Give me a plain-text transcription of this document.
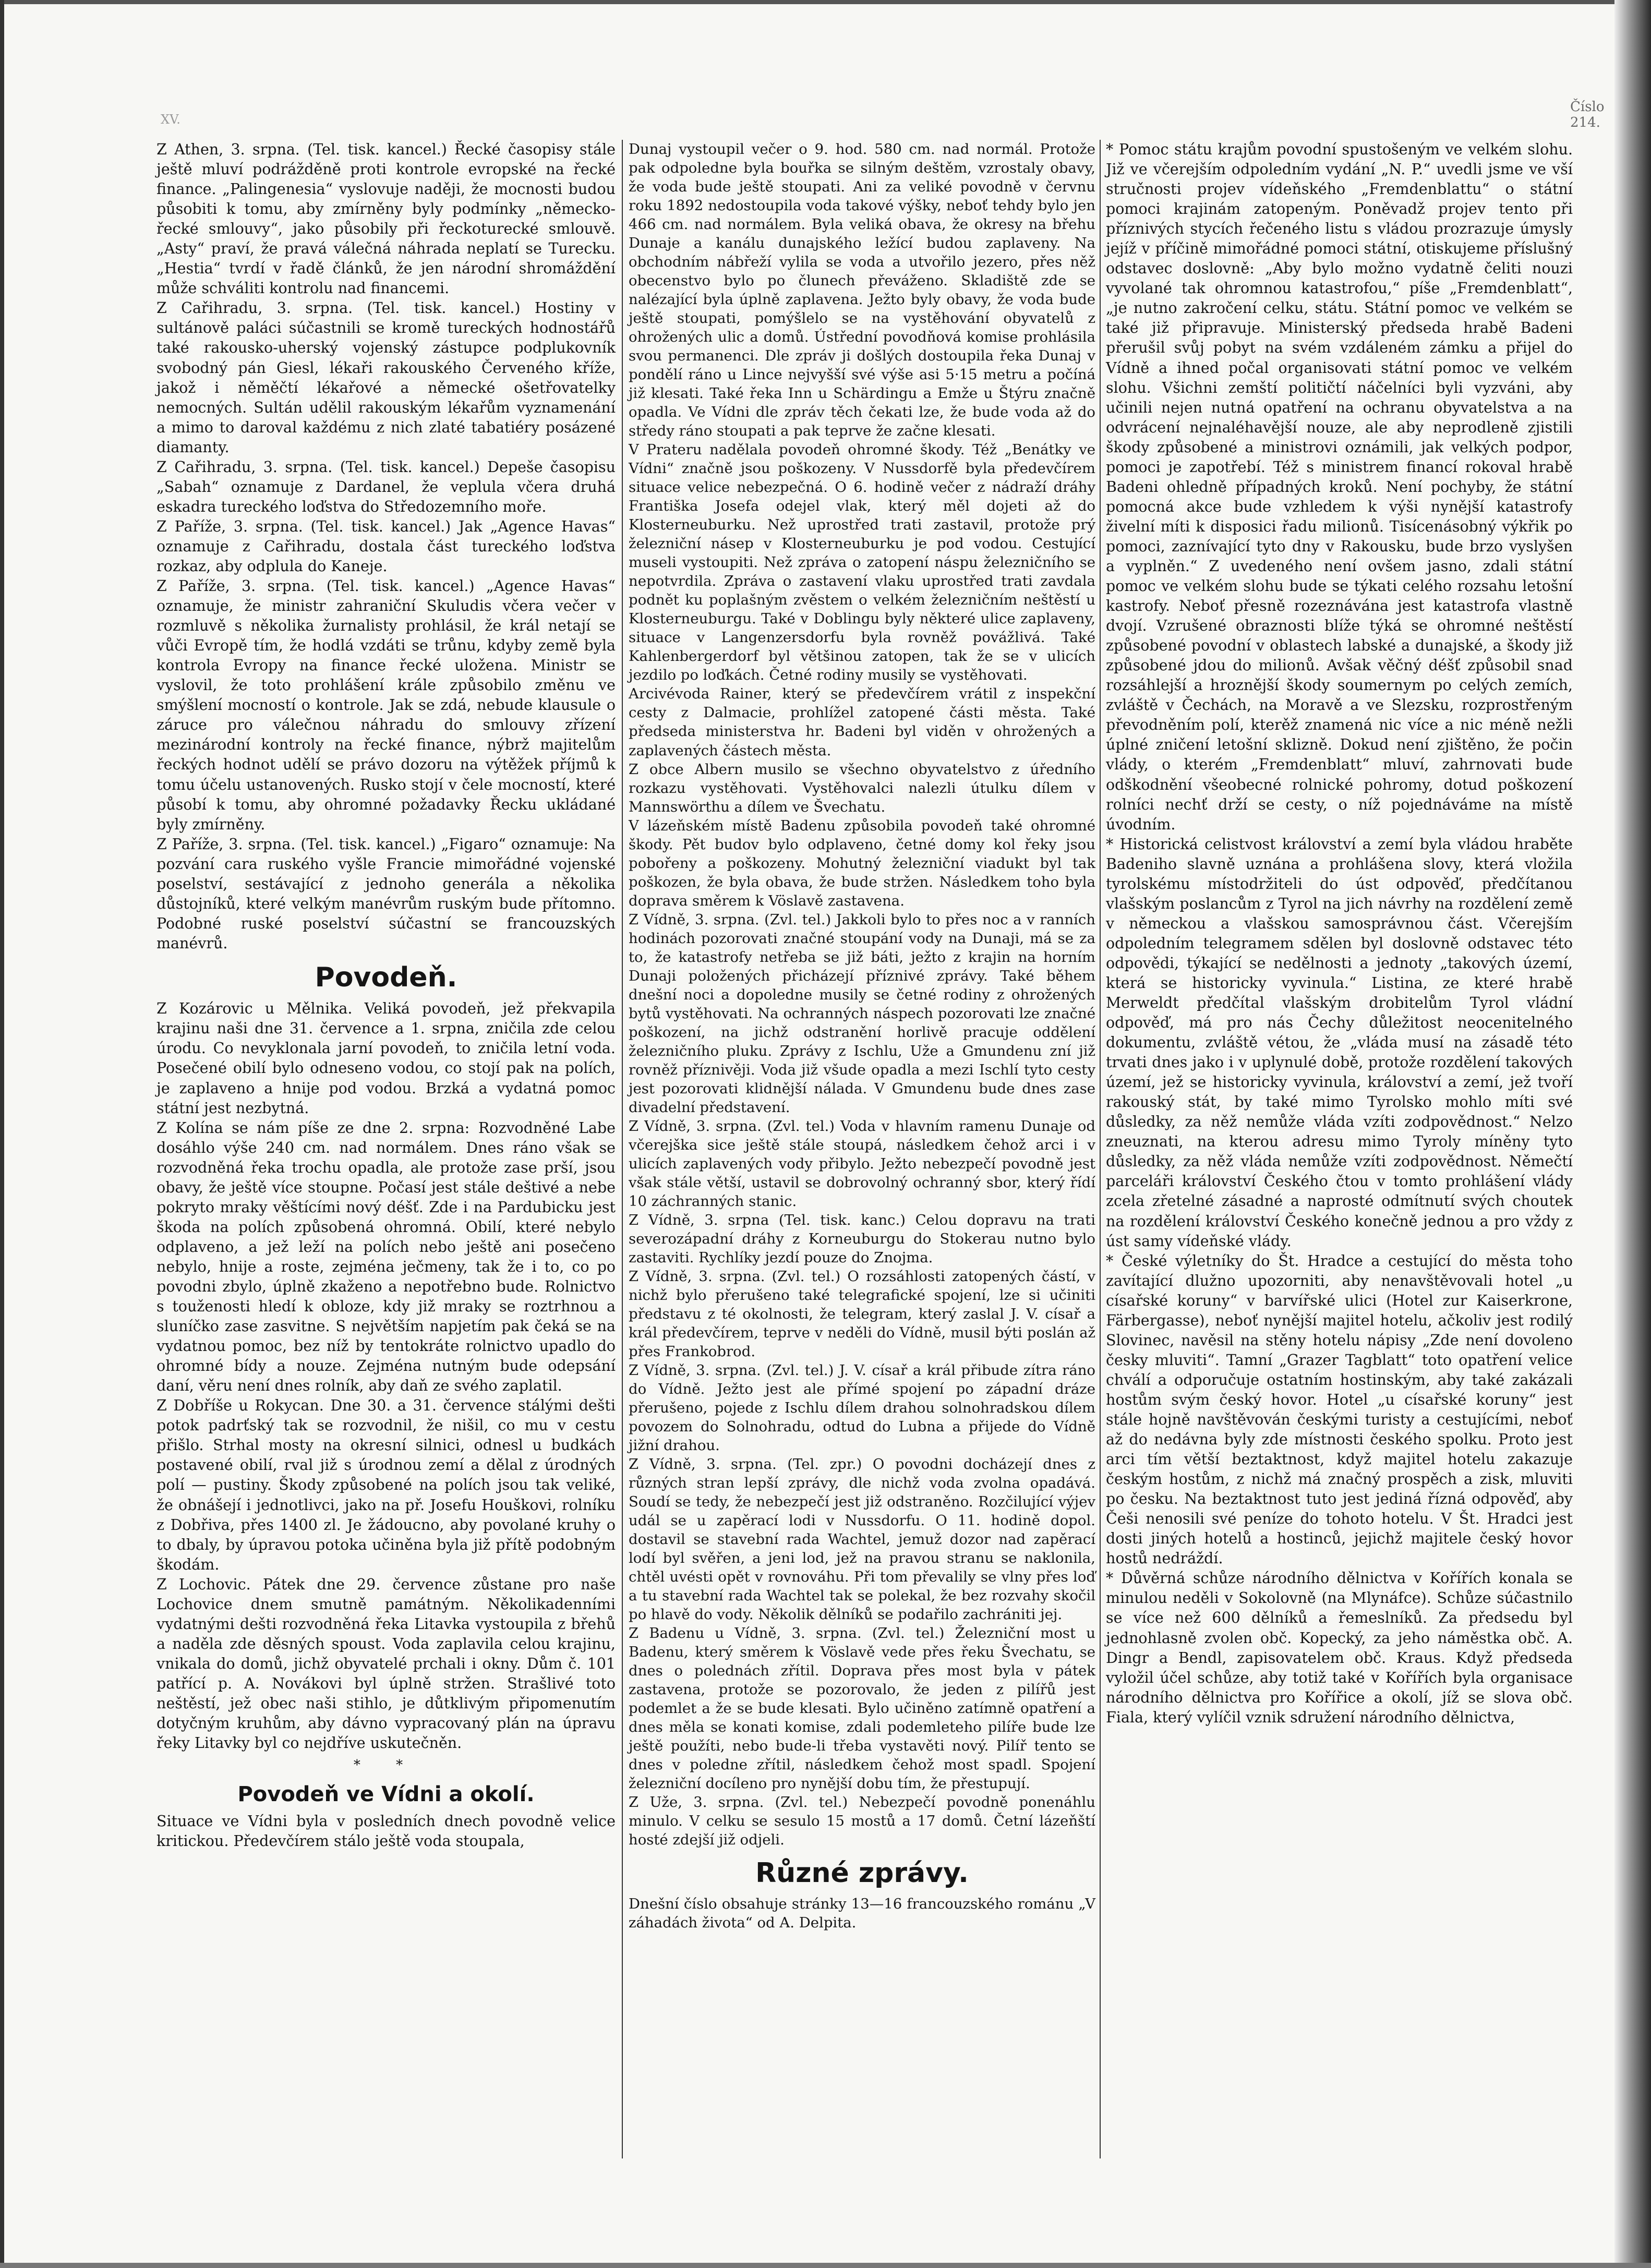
XV.
Číslo 214.

Z Athen, 3. srpna. (Tel. tisk. kancel.) Řecké časopisy stále ještě mluví podrážděně proti kontrole evropské na řecké finance. „Palingenesia“ vyslovuje naději, že mocnosti budou působiti k tomu, aby zmírněny byly podmínky „německo-řecké smlouvy“, jako působily při řeckoturecké smlouvě. „Asty“ praví, že pravá válečná náhrada neplatí se Turecku. „Hestia“ tvrdí v řadě článků, že jen národní shromáždění může schváliti kontrolu nad financemi.

Z Cařihradu, 3. srpna. (Tel. tisk. kancel.) Hostiny v sultánově paláci súčastnili se kromě tureckých hodnostářů také rakousko-uherský vojenský zástupce podplukovník svobodný pán Giesl, lékaři rakouského Červeného kříže, jakož i něměčtí lékařové a německé ošetřovatelky nemocných. Sultán udělil rakouským lékařům vyznamenání a mimo to daroval každému z nich zlaté tabatiéry posázené diamanty.

Z Cařihradu, 3. srpna. (Tel. tisk. kancel.) Depeše časopisu „Sabah“ oznamuje z Dardanel, že veplula včera druhá eskadra tureckého loďstva do Středozemního moře.

Z Paříže, 3. srpna. (Tel. tisk. kancel.) Jak „Agence Havas“ oznamuje z Cařihradu, dostala část tureckého loďstva rozkaz, aby odplula do Kaneje.

Z Paříže, 3. srpna. (Tel. tisk. kancel.) „Agence Havas“ oznamuje, že ministr zahraniční Skuludis včera večer v rozmluvě s několika žurnalisty prohlásil, že král netají se vůči Evropě tím, že hodlá vzdáti se trůnu, kdyby země byla kontrola Evropy na finance řecké uložena. Ministr se vyslovil, že toto prohlášení krále způsobilo změnu ve smýšlení mocností o kontrole. Jak se zdá, nebude klausule o záruce pro válečnou náhradu do smlouvy zřízení mezinárodní kontroly na řecké finance, nýbrž majitelům řeckých hodnot udělí se právo dozoru na výtěžek příjmů k tomu účelu ustanovených. Rusko stojí v čele mocností, které působí k tomu, aby ohromné požadavky Řecku ukládané byly zmírněny.

Z Paříže, 3. srpna. (Tel. tisk. kancel.) „Figaro“ oznamuje: Na pozvání cara ruského vyšle Francie mimořádné vojenské poselství, sestávající z jednoho generála a několika důstojníků, které velkým manévrům ruským bude přítomno. Podobné ruské poselství súčastní se francouzských manévrů.

Povodeň.

Z Kozárovic u Mělnika. Veliká povodeň, jež překvapila krajinu naši dne 31. července a 1. srpna, zničila zde celou úrodu. Co nevyklonala jarní povodeň, to zničila letní voda. Posečené obilí bylo odneseno vodou, co stojí pak na polích, je zaplaveno a hnije pod vodou. Brzká a vydatná pomoc státní jest nezbytná.

Z Kolína se nám píše ze dne 2. srpna: Rozvodněné Labe dosáhlo výše 240 cm. nad normálem. Dnes ráno však se rozvodněná řeka trochu opadla, ale protože zase prší, jsou obavy, že ještě více stoupne. Počasí jest stále deštivé a nebe pokryto mraky věštícími nový déšť. Zde i na Pardubicku jest škoda na polích způsobená ohromná. Obilí, které nebylo odplaveno, a jež leží na polích nebo ještě ani posečeno nebylo, hnije a roste, zejména ječmeny, tak že i to, co po povodni zbylo, úplně zkaženo a nepotřebno bude. Rolnictvo s touženosti hledí k obloze, kdy již mraky se roztrhnou a sluníčko zase zasvitne. S největším napjetím pak čeká se na vydatnou pomoc, bez níž by tentokráte rolnictvo upadlo do ohromné bídy a nouze. Zejména nutným bude odepsání daní, věru není dnes rolník, aby daň ze svého zaplatil.

Z Dobříše u Rokycan. Dne 30. a 31. července stálými dešti potok padrťský tak se rozvodnil, že nišil, co mu v cestu přišlo. Strhal mosty na okresní silnici, odnesl u budkách postavené obilí, rval již s úrodnou zemí a dělal z úrodných polí — pustiny. Škody způsobené na polích jsou tak veliké, že obnášejí i jednotlivci, jako na př. Josefu Houškovi, rolníku z Dobřiva, přes 1400 zl. Je žádoucno, aby povolané kruhy o to dbaly, by úpravou potoka učiněna byla již přítě podobným škodám.

Z Lochovic. Pátek dne 29. července zůstane pro naše Lochovice dnem smutně památným. Několikadenními vydatnými dešti rozvodněná řeka Litavka vystoupila z břehů a naděla zde děsných spoust. Voda zaplavila celou krajinu, vnikala do domů, jichž obyvatelé prchali i okny. Dům č. 101 patřící p. A. Novákovi byl úplně stržen. Strašlivé toto neštěstí, jež obec naši stihlo, je důtklivým připomenutím dotyčným kruhům, aby dávno vypracovaný plán na úpravu řeky Litavky byl co nejdříve uskutečněn.

* *
Povodeň ve Vídni a okolí.

Situace ve Vídni byla v posledních dnech povodně velice kritickou. Předevčírem stálo ještě voda stoupala,

Dunaj vystoupil večer o 9. hod. 580 cm. nad normál. Protože pak odpoledne byla bouřka se silným deštěm, vzrostaly obavy, že voda bude ještě stoupati. Ani za veliké povodně v červnu roku 1892 nedostoupila voda takové výšky, neboť tehdy bylo jen 466 cm. nad normálem. Byla veliká obava, že okresy na břehu Dunaje a kanálu dunajského ležící budou zaplaveny. Na obchodním nábřeží vylila se voda a utvořilo jezero, přes něž obecenstvo bylo po člunech převáženo. Skladiště zde se nalézající byla úplně zaplavena. Ježto byly obavy, že voda bude ještě stoupati, pomýšlelo se na vystěhování obyvatelů z ohrožených ulic a domů. Ústřední povodňová komise prohlásila svou permanenci. Dle zpráv ji došlých dostoupila řeka Dunaj v pondělí ráno u Lince nejvyšší své výše asi 5·15 metru a počíná již klesati. Také řeka Inn u Schärdingu a Emže u Štýru značně opadla. Ve Vídni dle zpráv těch čekati lze, že bude voda až do středy ráno stoupati a pak teprve že začne klesati.

V Prateru nadělala povodeň ohromné škody. Též „Benátky ve Vídni“ značně jsou poškozeny. V Nussdorfě byla předevčírem situace velice nebezpečná. O 6. hodině večer z nádraží dráhy Františka Josefa odejel vlak, který měl dojeti až do Klosterneuburku. Než uprostřed trati zastavil, protože prý železniční násep v Klosterneuburku je pod vodou. Cestující museli vystoupiti. Než zpráva o zatopení náspu železničního se nepotvrdila. Zpráva o zastavení vlaku uprostřed trati zavdala podnět ku poplašným zvěstem o velkém železničním neštěstí u Klosterneuburgu. Také v Doblingu byly některé ulice zaplaveny, situace v Langenzersdorfu byla rovněž povážlivá. Také Kahlenbergerdorf byl většinou zatopen, tak že se v ulicích jezdilo po loďkách. Četné rodiny musily se vystěhovati.

Arcivévoda Rainer, který se předevčírem vrátil z inspekční cesty z Dalmacie, prohlížel zatopené části města. Také předseda ministerstva hr. Badeni byl viděn v ohrožených a zaplavených částech města.

Z obce Albern musilo se všechno obyvatelstvo z úředního rozkazu vystěhovati. Vystěhovalci nalezli útulku dílem v Mannswörthu a dílem ve Švechatu.

V lázeňském místě Badenu způsobila povodeň také ohromné škody. Pět budov bylo odplaveno, četné domy kol řeky jsou pobořeny a poškozeny. Mohutný železniční viadukt byl tak poškozen, že byla obava, že bude stržen. Následkem toho byla doprava směrem k Vöslavě zastavena.

Z Vídně, 3. srpna. (Zvl. tel.) Jakkoli bylo to přes noc a v ranních hodinách pozorovati značné stoupání vody na Dunaji, má se za to, že katastrofy netřeba se již báti, ježto z krajin na horním Dunaji položených přicházejí příznivé zprávy. Také během dnešní noci a dopoledne musily se četné rodiny z ohrožených bytů vystěhovati. Na ochranných náspech pozorovati lze značné poškození, na jichž odstranění horlivě pracuje oddělení železničního pluku. Zprávy z Ischlu, Uže a Gmundenu zní již rovněž příznivěji. Voda již všude opadla a mezi Ischlí tyto cesty jest pozorovati klidnější nálada. V Gmundenu bude dnes zase divadelní představení.

Z Vídně, 3. srpna. (Zvl. tel.) Voda v hlavním ramenu Dunaje od včerejška sice ještě stále stoupá, následkem čehož arci i v ulicích zaplavených vody přibylo. Ježto nebezpečí povodně jest však stále větší, ustavil se dobrovolný ochranný sbor, který řídí 10 záchranných stanic.

Z Vídně, 3. srpna (Tel. tisk. kanc.) Celou dopravu na trati severozápadní dráhy z Korneuburgu do Stokerau nutno bylo zastaviti. Rychlíky jezdí pouze do Znojma.

Z Vídně, 3. srpna. (Zvl. tel.) O rozsáhlosti zatopených částí, v nichž bylo přerušeno také telegrafické spojení, lze si učiniti představu z té okolnosti, že telegram, který zaslal J. V. císař a král předevčírem, teprve v neděli do Vídně, musil býti poslán až přes Frankobrod.

Z Vídně, 3. srpna. (Zvl. tel.) J. V. císař a král přibude zítra ráno do Vídně. Ježto jest ale přímé spojení po západní dráze přerušeno, pojede z Ischlu dílem drahou solnohradskou dílem povozem do Solnohradu, odtud do Lubna a přijede do Vídně jižní drahou.

Z Vídně, 3. srpna. (Tel. zpr.) O povodni docházejí dnes z různých stran lepší zprávy, dle nichž voda zvolna opadává. Soudí se tedy, že nebezpečí jest již odstraněno. Rozčilující výjev udál se u zapěrací lodi v Nussdorfu. O 11. hodině dopol. dostavil se stavební rada Wachtel, jemuž dozor nad zapěrací lodí byl svěřen, a jeni lod, jež na pravou stranu se naklonila, chtěl uvésti opět v rovnováhu. Při tom převalily se vlny přes loď a tu stavební rada Wachtel tak se polekal, že bez rozvahy skočil po hlavě do vody. Několik dělníků se podařilo zachrániti jej.

Z Badenu u Vídně, 3. srpna. (Zvl. tel.) Železniční most u Badenu, který směrem k Vöslavě vede přes řeku Švechatu, se dnes o polednách zřítil. Doprava přes most byla v pátek zastavena, protože se pozorovalo, že jeden z pilířů jest podemlet a že se bude klesati. Bylo učiněno zatímně opatření a dnes měla se konati komise, zdali podemleteho pilíře bude lze ještě použíti, nebo bude-li třeba vystavěti nový. Pilíř tento se dnes v poledne zřítil, následkem čehož most spadl. Spojení železniční docíleno pro nynější dobu tím, že přestupují.

Z Uže, 3. srpna. (Zvl. tel.) Nebezpečí povodně ponenáhlu minulo. V celku se sesulo 15 mostů a 17 domů. Četní lázeňští hosté zdejší již odjeli.

Různé zprávy.

Dnešní číslo obsahuje stránky 13—16 francouzského románu „V záhadách života“ od A. Delpita.

* Pomoc státu krajům povodní spustošeným ve velkém slohu. Již ve včerejším odpoledním vydání „N. P.“ uvedli jsme ve vší stručnosti projev vídeňského „Fremdenblattu“ o státní pomoci krajinám zatopeným. Poněvadž projev tento při příznivých stycích řečeného listu s vládou prozrazuje úmysly jejíž v příčině mimořádné pomoci státní, otiskujeme příslušný odstavec doslovně: „Aby bylo možno vydatně čeliti nouzi vyvolané tak ohromnou katastrofou,“ píše „Fremdenblatt“, „je nutno zakročení celku, státu. Státní pomoc ve velkém se také již připravuje. Ministerský předseda hrabě Badeni přerušil svůj pobyt na svém vzdáleném zámku a přijel do Vídně a ihned počal organisovati státní pomoc ve velkém slohu. Všichni zemští političtí náčelníci byli vyzváni, aby učinili nejen nutná opatření na ochranu obyvatelstva a na odvrácení nejnaléhavější nouze, ale aby neprodleně zjistili škody způsobené a ministrovi oznámili, jak velkých podpor, pomoci je zapotřebí. Též s ministrem financí rokoval hrabě Badeni ohledně případných kroků. Není pochyby, že státní pomocná akce bude vzhledem k výši nynější katastrofy živelní míti k disposici řadu milionů. Tisícenásobný výkřik po pomoci, zaznívající tyto dny v Rakousku, bude brzo vyslyšen a vyplněn.“ Z uvedeného není ovšem jasno, zdali státní pomoc ve velkém slohu bude se týkati celého rozsahu letošní kastrofy. Neboť přesně rozeznávána jest katastrofa vlastně dvojí. Vzrušené obraznosti blíže týká se ohromné neštěstí způsobené povodní v oblastech labské a dunajské, a škody již způsobené jdou do milionů. Avšak věčný déšť způsobil snad rozsáhlejší a hroznější škody soumernym po celých zemích, zvláště v Čechách, na Moravě a ve Slezsku, rozprostřeným převodněním polí, kterěž znamená nic více a nic méně nežli úplné zničení letošní sklizně. Dokud není zjištěno, že počin vlády, o kterém „Fremdenblatt“ mluví, zahrnovati bude odškodnění všeobecné rolnické pohromy, dotud poškození rolníci nechť drží se cesty, o níž pojednáváme na místě úvodním.

* Historická celistvost království a zemí byla vládou hraběte Badeniho slavně uznána a prohlášena slovy, která vložila tyrolskému místodržiteli do úst odpověď, předčítanou vlašským poslancům z Tyrol na jich návrhy na rozdělení země v německou a vlašskou samosprávnou část. Včerejším odpoledním telegramem sdělen byl doslovně odstavec této odpovědi, týkající se nedělnosti a jednoty „takových území, která se historicky vyvinula.“ Listina, ze které hrabě Merweldt předčítal vlašským drobitelům Tyrol vládní odpověď, má pro nás Čechy důležitost neocenitelného dokumentu, zvláště vétou, že „vláda musí na zásadě této trvati dnes jako i v uplynulé době, protože rozdělení takových území, jež se historicky vyvinula, království a zemí, jež tvoří rakouský stát, by také mimo Tyrolsko mohlo míti své důsledky, za něž nemůže vláda vzíti zodpovědnost.“ Nelzo zneuznati, na kterou adresu mimo Tyroly míněny tyto důsledky, za něž vláda nemůže vzíti zodpovědnost. Němečtí parceláři království Českého čtou v tomto prohlášení vlády zcela zřetelné zásadné a naprosté odmítnutí svých choutek na rozdělení království Českého konečně jednou a pro vždy z úst samy vídeňské vlády.

* České výletníky do Št. Hradce a cestující do města toho zavítající dlužno upozorniti, aby nenavštěvovali hotel „u císařské koruny“ v barvířské ulici (Hotel zur Kaiserkrone, Färbergasse), neboť nynější majitel hotelu, ačkoliv jest rodilý Slovinec, navěsil na stěny hotelu nápisy „Zde není dovoleno česky mluviti“. Tamní „Grazer Tagblatt“ toto opatření velice chválí a odporučuje ostatním hostinským, aby také zakázali hostům svým český hovor. Hotel „u císařské koruny“ jest stále hojně navštěvován českými turisty a cestujícími, neboť až do nedávna byly zde místnosti českého spolku. Proto jest arci tím větší beztaktnost, když majitel hotelu zakazuje českým hostům, z nichž má značný prospěch a zisk, mluviti po česku. Na beztaktnost tuto jest jediná řízná odpověď, aby Češi nenosili své peníze do tohoto hotelu. V Št. Hradci jest dosti jiných hotelů a hostinců, jejichž majitele český hovor hostů nedráždí.

* Důvěrná schůze národního dělnictva v Kořířích konala se minulou neděli v Sokolovně (na Mlynáfce). Schůze súčastnilo se více než 600 dělníků a řemeslníků. Za předsedu byl jednohlasně zvolen obč. Kopecký, za jeho náměstka obč. A. Dingr a Bendl, zapisovatelem obč. Kraus. Když předseda vyložil účel schůze, aby totiž také v Kořířích byla organisace národního dělnictva pro Kořířice a okolí, jíž se slova obč. Fiala, který vylíčil vznik sdružení národního dělnictva,
